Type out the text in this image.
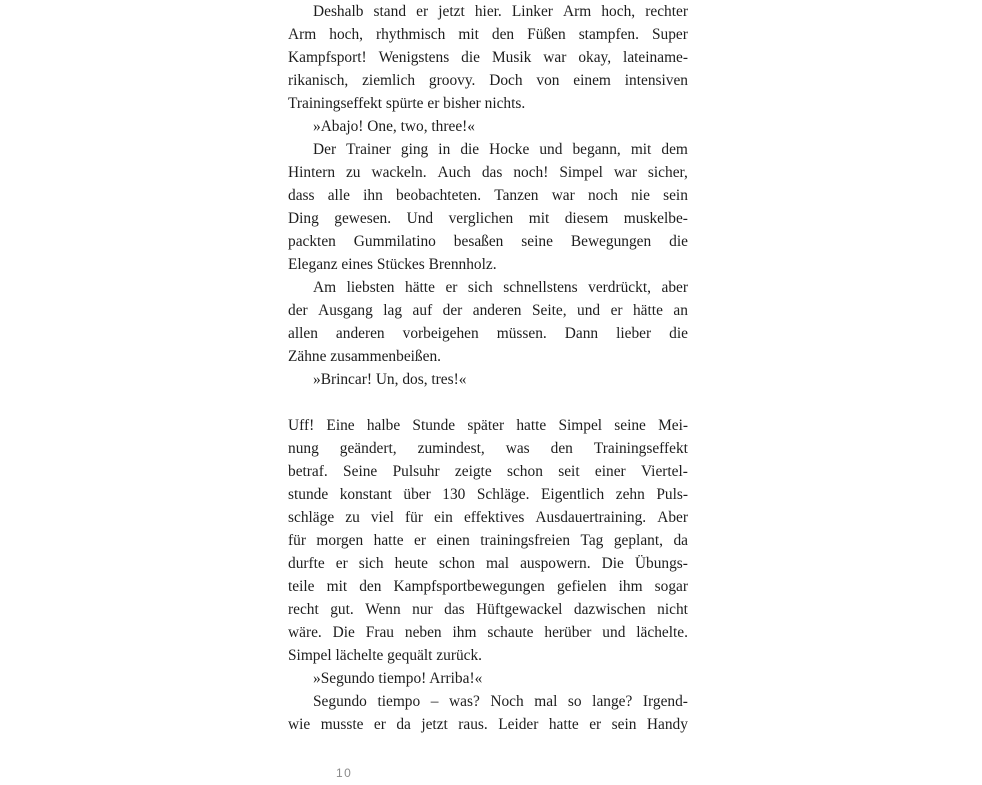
Deshalb stand er jetzt hier. Linker Arm hoch, rechter
Arm hoch, rhythmisch mit den Füßen stampfen. Super
Kampfsport! Wenigstens die Musik war okay, lateiname-
rikanisch, ziemlich groovy. Doch von einem intensiven
Trainingseffekt spürte er bisher nichts.
»Abajo! One, two, three!«
Der Trainer ging in die Hocke und begann, mit dem
Hintern zu wackeln. Auch das noch! Simpel war sicher,
dass alle ihn beobachteten. Tanzen war noch nie sein
Ding gewesen. Und verglichen mit diesem muskelbe-
packten Gummilatino besaßen seine Bewegungen die
Eleganz eines Stückes Brennholz.
Am liebsten hätte er sich schnellstens verdrückt, aber
der Ausgang lag auf der anderen Seite, und er hätte an
allen anderen vorbeigehen müssen. Dann lieber die
Zähne zusammenbeißen.
»Brincar! Un, dos, tres!«
Uff! Eine halbe Stunde später hatte Simpel seine Mei-
nung geändert, zumindest, was den Trainingseffekt
betraf. Seine Pulsuhr zeigte schon seit einer Viertel-
stunde konstant über 130 Schläge. Eigentlich zehn Puls-
schläge zu viel für ein effektives Ausdauertraining. Aber
für morgen hatte er einen trainingsfreien Tag geplant, da
durfte er sich heute schon mal auspowern. Die Übungs-
teile mit den Kampfsportbewegungen gefielen ihm sogar
recht gut. Wenn nur das Hüftgewackel dazwischen nicht
wäre. Die Frau neben ihm schaute herüber und lächelte.
Simpel lächelte gequält zurück.
»Segundo tiempo! Arriba!«
Segundo tiempo – was? Noch mal so lange? Irgend-
wie musste er da jetzt raus. Leider hatte er sein Handy
10
